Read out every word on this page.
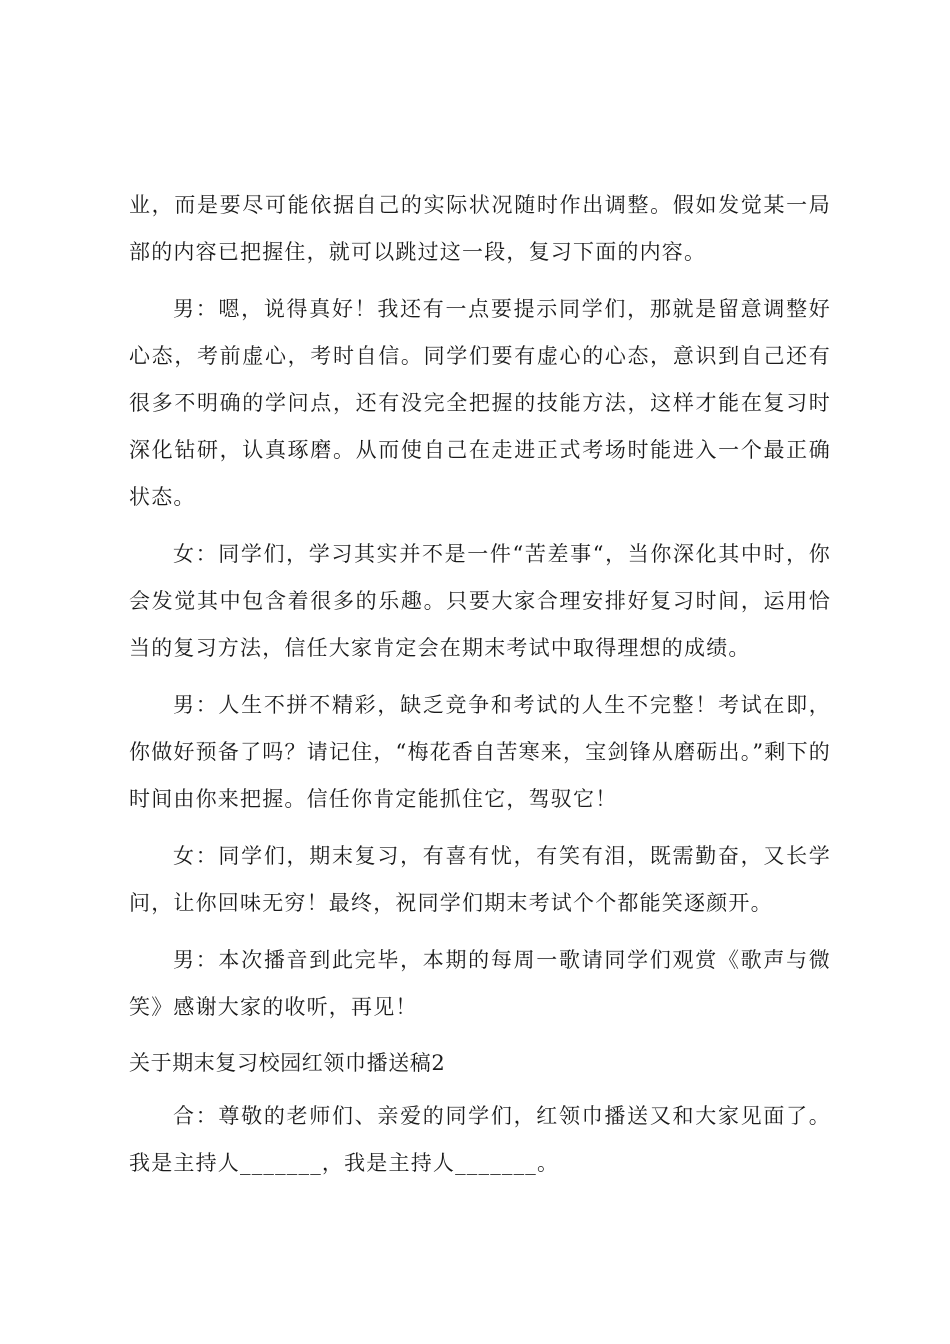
业，而是要尽可能依据自己的实际状况随时作出调整。假如发觉某一局部的内容已把握住，就可以跳过这一段，复习下面的内容。

男：嗯，说得真好！我还有一点要提示同学们，那就是留意调整好心态，考前虚心，考时自信。同学们要有虚心的心态，意识到自己还有很多不明确的学问点，还有没完全把握的技能方法，这样才能在复习时深化钻研，认真琢磨。从而使自己在走进正式考场时能进入一个最正确状态。

女：同学们，学习其实并不是一件“苦差事“，当你深化其中时，你会发觉其中包含着很多的乐趣。只要大家合理安排好复习时间，运用恰当的复习方法，信任大家肯定会在期末考试中取得理想的成绩。

男：人生不拼不精彩，缺乏竞争和考试的人生不完整！考试在即，你做好预备了吗？请记住，“梅花香自苦寒来，宝剑锋从磨砺出。”剩下的时间由你来把握。信任你肯定能抓住它，驾驭它！

女：同学们，期末复习，有喜有忧，有笑有泪，既需勤奋，又长学问，让你回味无穷！最终，祝同学们期末考试个个都能笑逐颜开。

男：本次播音到此完毕，本期的每周一歌请同学们观赏《歌声与微笑》感谢大家的收听，再见！

关于期末复习校园红领巾播送稿2

合：尊敬的老师们、亲爱的同学们，红领巾播送又和大家见面了。我是主持人_______，我是主持人_______。
